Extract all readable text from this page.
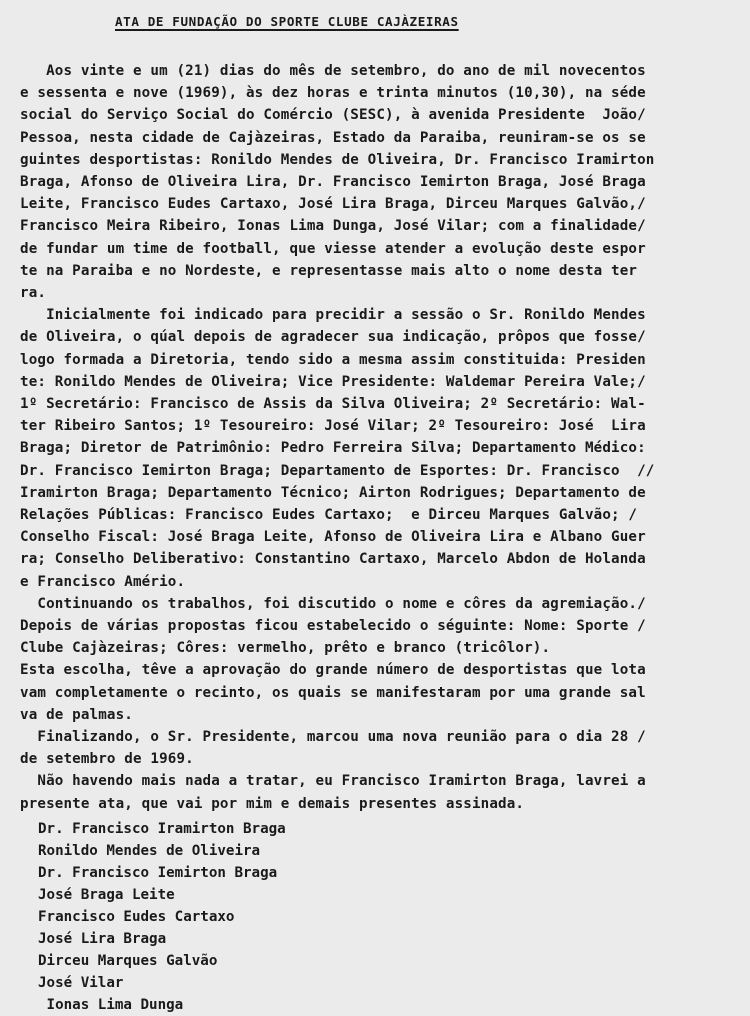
ATA DE FUNDAÇÃO DO SPORTE CLUBE CAJÀZEIRAS
Aos vinte e um (21) dias do mês de setembro, do ano de mil novecentos
e sessenta e nove (1969), às dez horas e trinta minutos (10,30), na séde
social do Serviço Social do Comércio (SESC), à avenida Presidente  João/
Pessoa, nesta cidade de Cajàzeiras, Estado da Paraiba, reuniram-se os se
guintes desportistas: Ronildo Mendes de Oliveira, Dr. Francisco Iramirton
Braga, Afonso de Oliveira Lira, Dr. Francisco Iemirton Braga, José Braga
Leite, Francisco Eudes Cartaxo, José Lira Braga, Dirceu Marques Galvão,/
Francisco Meira Ribeiro, Ionas Lima Dunga, José Vilar; com a finalidade/
de fundar um time de football, que viesse atender a evolução deste espor
te na Paraiba e no Nordeste, e representasse mais alto o nome desta ter
ra.
Inicialmente foi indicado para precidir a sessão o Sr. Ronildo Mendes
de Oliveira, o qúal depois de agradecer sua indicação, prôpos que fosse/
logo formada a Diretoria, tendo sido a mesma assim constituida: Presiden
te: Ronildo Mendes de Oliveira; Vice Presidente: Waldemar Pereira Vale;/
1º Secretário: Francisco de Assis da Silva Oliveira; 2º Secretário: Wal-
ter Ribeiro Santos; 1º Tesoureiro: José Vilar; 2º Tesoureiro: José  Lira
Braga; Diretor de Patrimônio: Pedro Ferreira Silva; Departamento Médico:
Dr. Francisco Iemirton Braga; Departamento de Esportes: Dr. Francisco  //
Iramirton Braga; Departamento Técnico; Airton Rodrigues; Departamento de
Relações Públicas: Francisco Eudes Cartaxo;  e Dirceu Marques Galvão; /
Conselho Fiscal: José Braga Leite, Afonso de Oliveira Lira e Albano Guer
ra; Conselho Deliberativo: Constantino Cartaxo, Marcelo Abdon de Holanda
e Francisco Amério.
Continuando os trabalhos, foi discutido o nome e côres da agremiação./
Depois de várias propostas ficou estabelecido o séguinte: Nome: Sporte /
Clube Cajàzeiras; Côres: vermelho, prêto e branco (tricôlor).
Esta escolha, têve a aprovação do grande número de desportistas que lota
vam completamente o recinto, os quais se manifestaram por uma grande sal
va de palmas.
Finalizando, o Sr. Presidente, marcou uma nova reunião para o dia 28 /
de setembro de 1969.
Não havendo mais nada a tratar, eu Francisco Iramirton Braga, lavrei a
presente ata, que vai por mim e demais presentes assinada.
Dr. Francisco Iramirton Braga
Ronildo Mendes de Oliveira
Dr. Francisco Iemirton Braga
José Braga Leite
Francisco Eudes Cartaxo
José Lira Braga
Dirceu Marques Galvão
José Vilar
Ionas Lima Dunga
